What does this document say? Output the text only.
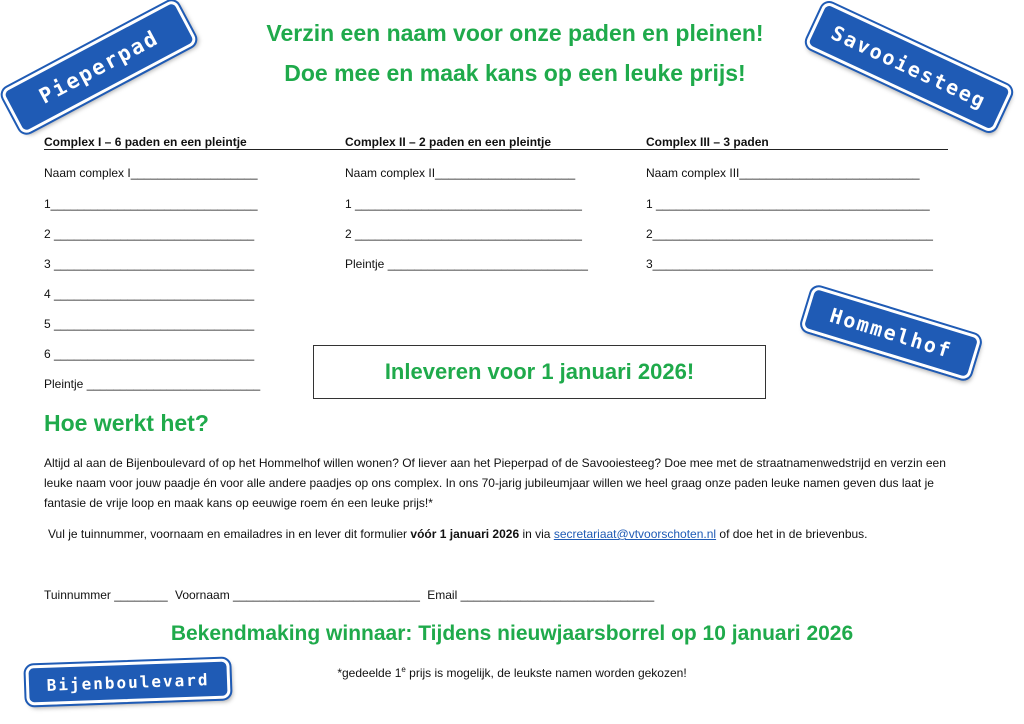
Pieperpad	Savooiesteeg
Hommelhof
Bijenboulevard
Verzin een naam voor onze paden en pleinen!
Doe mee en maak kans op een leuke prijs!
Complex I – 6 paden en een pleintje
Naam complex I___________________
1_______________________________
2 ______________________________
3 ______________________________
4 ______________________________
5 ______________________________
6 ______________________________
Pleintje __________________________
Complex II – 2 paden en een pleintje
Naam complex II_____________________
1 __________________________________
2 __________________________________
Pleintje ______________________________
Complex III – 3 paden
Naam complex III___________________________
1 _________________________________________
2__________________________________________
3__________________________________________
Inleveren voor 1 januari 2026!
Hoe werkt het?
Altijd al aan de Bijenboulevard of op het Hommelhof willen wonen? Of liever aan het Pieperpad of de Savooiesteeg? Doe mee met de straatnamenwedstrijd en verzin een leuke naam voor jouw paadje én voor alle andere paadjes op ons complex. In ons 70-jarig jubileumjaar willen we heel graag onze paden leuke namen geven dus laat je fantasie de vrije loop en maak kans op eeuwige roem én een leuke prijs!*
Vul je tuinnummer, voornaam en emailadres in en lever dit formulier vóór 1 januari 2026 in via secretariaat@vtvoorschoten.nl of doe het in de brievenbus.
Tuinnummer ________ Voornaam ____________________________ Email _____________________________
Bekendmaking winnaar: Tijdens nieuwjaarsborrel op 10 januari 2026
*gedeelde 1e prijs is mogelijk, de leukste namen worden gekozen!
